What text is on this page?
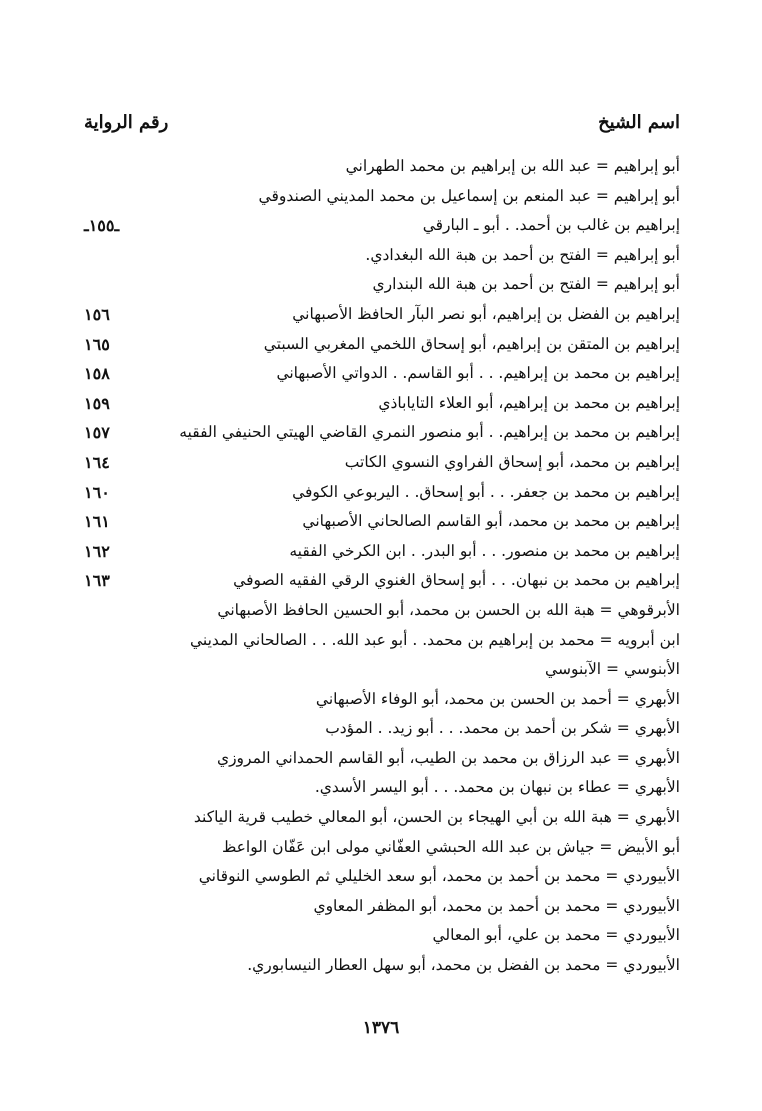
اسم الشيخ
رقم الرواية
أبو إبراهيم = عبد الله بن إبراهيم بن محمد الطهراني
أبو إبراهيم = عبد المنعم بن إسماعيل بن محمد المديني الصندوقي
إبراهيم بن غالب بن أحمد. . أبو ـ البارقي
ـ١٥٥ـ
أبو إبراهيم = الفتح بن أحمد بن هبة الله البغدادي.
أبو إبراهيم = الفتح بن أحمد بن هبة الله البنداري
إبراهيم بن الفضل بن إبراهيم، أبو نصر البآر الحافظ الأصبهاني
١٥٦
إبراهيم بن المتقن بن إبراهيم، أبو إسحاق اللخمي المغربي السبتي
١٦٥
إبراهيم بن محمد بن إبراهيم. . . أبو القاسم. . الدواتي الأصبهاني
١٥٨
إبراهيم بن محمد بن إبراهيم، أبو العلاء التاياباذي
١٥٩
إبراهيم بن محمد بن إبراهيم. . أبو منصور النمري القاضي الهيتي الحنيفي الفقيه
١٥٧
إبراهيم بن محمد، أبو إسحاق الفراوي النسوي الكاتب
١٦٤
إبراهيم بن محمد بن جعفر. . . أبو إسحاق. . اليربوعي الكوفي
١٦٠
إبراهيم بن محمد بن محمد، أبو القاسم الصالحاني الأصبهاني
١٦١
إبراهيم بن محمد بن منصور. . . أبو البدر. . ابن الكرخي الفقيه
١٦٢
إبراهيم بن محمد بن نبهان. . . أبو إسحاق الغنوي الرقي الفقيه الصوفي
١٦٣
الأبرقوهي = هبة الله بن الحسن بن محمد، أبو الحسين الحافظ الأصبهاني
ابن أبرويه = محمد بن إبراهيم بن محمد. . أبو عبد الله. . . الصالحاني المديني
الأبنوسي = الآبنوسي
الأبهري = أحمد بن الحسن بن محمد، أبو الوفاء الأصبهاني
الأبهري = شكر بن أحمد بن محمد. . . أبو زيد. . المؤدب
الأبهري = عبد الرزاق بن محمد بن الطيب، أبو القاسم الحمداني المروزي
الأبهري = عطاء بن نبهان بن محمد. . . أبو اليسر الأسدي.
الأبهري = هبة الله بن أبي الهيجاء بن الحسن، أبو المعالي خطيب قرية الياكند
أبو الأبيض = جياش بن عبد الله الحبشي العفّاني مولى ابن عَفّان الواعظ
الأبيوردي = محمد بن أحمد بن محمد، أبو سعد الخليلي ثم الطوسي النوقاني
الأبيوردي = محمد بن أحمد بن محمد، أبو المظفر المعاوي
الأبيوردي = محمد بن علي، أبو المعالي
الأبيوردي = محمد بن الفضل بن محمد، أبو سهل العطار النيسابوري.
١٣٧٦
